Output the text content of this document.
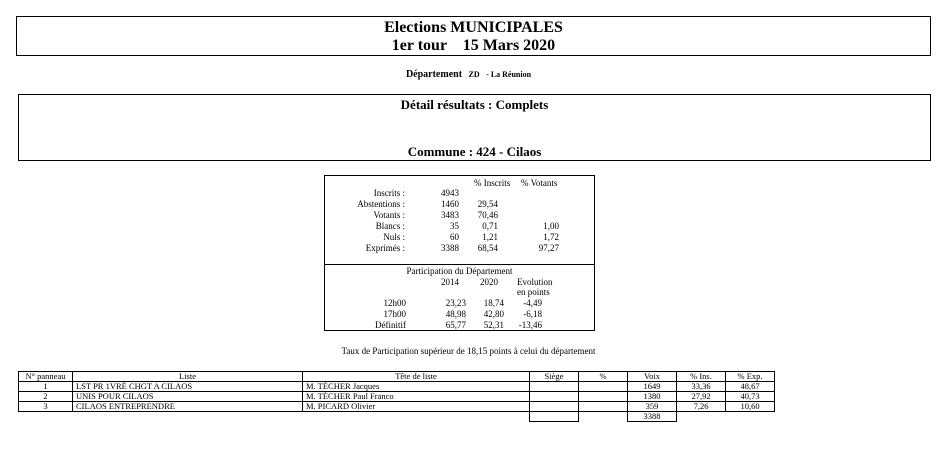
Elections MUNICIPALES
1er tour    15 Mars 2020
Département ZD - La Réunion
Détail résultats : Complets
Commune : 424 - Cilaos
% Inscrits % Votants
Inscrits :	4943
Abstentions :	1460 29,54
Votants :	3483 70,46
Blancs :	35	0,71	1,00
Nuls :	60	1,21	1,72
Exprimés :	3388 68,54	97,27
Participation du Département
2014 2020 Evolution
en points
12h00	23,23 18,74 -4,49
17h00	48,98 42,80 -6,18
Définitif	65,77 52,31 -13,46
Taux de Participation supérieur de 18,15 points à celui du département
N° panneau	Liste	Tête de liste	Siège	%	Voix	% Ins.	% Exp.
1	LST PR 1VRÉ CHGT A CILAOS	M. TÉCHER Jacques			1649	33,36	48,67
2	UNIS POUR CILAOS	M. TÉCHER Paul Franco			1380	27,92	40,73
3	CILAOS ENTREPRENDRE	M. PICARD Olivier			359	7,26	10,60
					3388		
